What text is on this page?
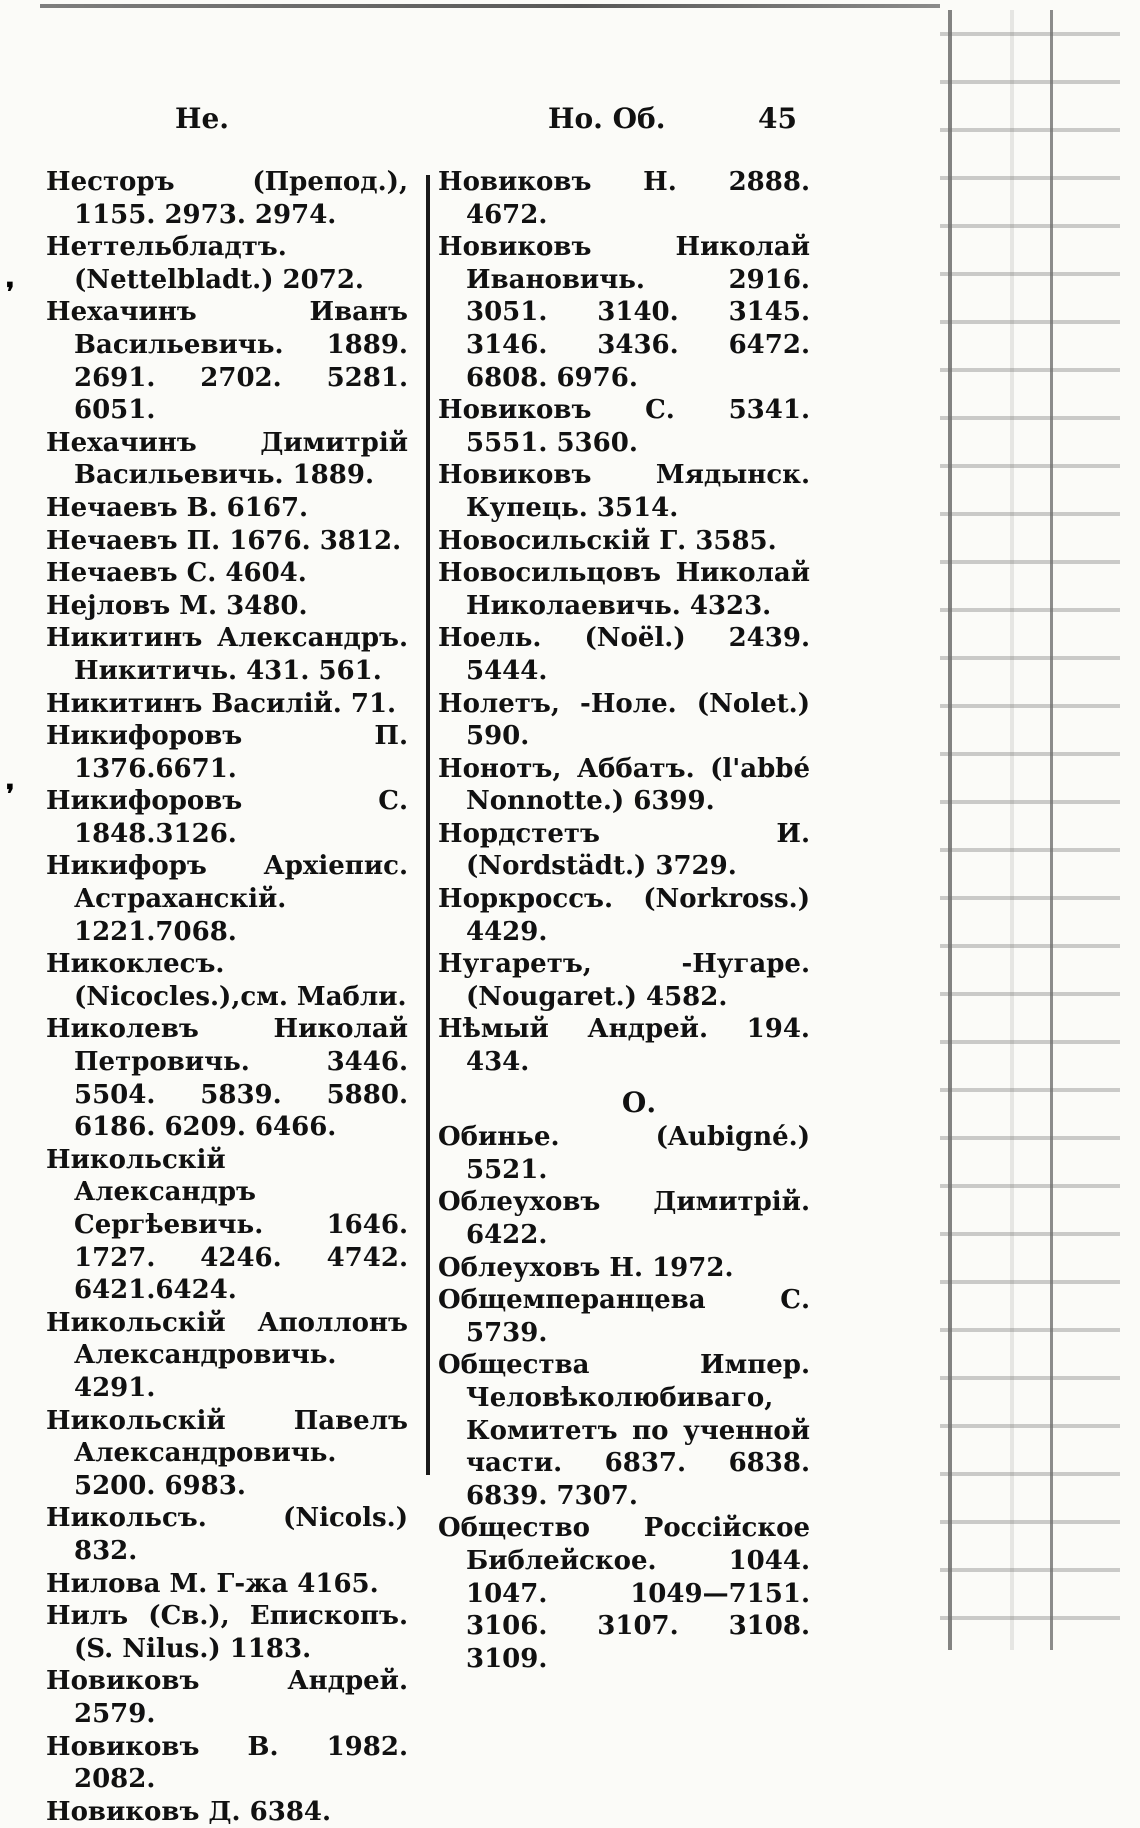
❜
❜
Не.	Но. Об.	45

Несторъ (Препод.), 1155. 2973. 2974.

Неттельбладтъ. (Nettelbladt.) 2072.

Нехачинъ Иванъ Васильевичь. 1889. 2691. 2702. 5281. 6051.

Нехачинъ Димитрій Васильевичь. 1889.

Нечаевъ В. 6167.

Нечаевъ П. 1676. 3812.

Нечаевъ С. 4604.

Нејловъ М. 3480.

Никитинъ Александръ. Никитичь. 431. 561.

Никитинъ Василій. 71.

Никифоровъ П. 1376.6671.

Никифоровъ С. 1848.3126.

Никифоръ Архіепис. Астраханскій. 1221.7068.

Никоклесъ. (Nicocles.),см. Мабли.

Николевъ Николай Петровичь. 3446. 5504. 5839. 5880. 6186. 6209. 6466.

Никольскій Александръ Сергѣевичь. 1646. 1727. 4246. 4742. 6421.6424.

Никольскій Аполлонъ Александровичь. 4291.

Никольскій Павелъ Александровичь. 5200. 6983.

Никольсъ. (Nicols.) 832.

Нилова М. Г-жа 4165.

Нилъ (Св.), Епископъ. (S. Nilus.) 1183.

Новиковъ Андрей. 2579.

Новиковъ В. 1982. 2082.

Новиковъ Д. 6384.

Новиковъ Н. 2888. 4672.

Новиковъ Николай Ивановичь. 2916. 3051. 3140. 3145. 3146. 3436. 6472. 6808. 6976.

Новиковъ С. 5341. 5551. 5360.

Новиковъ Мядынск. Купець. 3514.

Новосильскій Г. 3585.

Новосильцовъ Николай Николаевичь. 4323.

Ноель. (Noël.) 2439. 5444.

Нолетъ, -Ноле. (Nolet.) 590.

Нонотъ, Аббатъ. (l'abbé Nonnotte.) 6399.

Нордстетъ И. (Nordstädt.) 3729.

Норкроссъ. (Norkross.) 4429.

Нугаретъ, -Нугаре. (Nougaret.) 4582.

Нѣмый Андрей. 194. 434.

О.

Обинье. (Aubigné.) 5521.

Облеуховъ Димитрій. 6422.

Облеуховъ Н. 1972.

Общемперанцева С. 5739.

Общества Импер. Человѣколюбиваго, Комитетъ по ученной части. 6837. 6838. 6839. 7307.

Общество Россійское Библейское. 1044. 1047. 1049—7151. 3106. 3107. 3108. 3109.
